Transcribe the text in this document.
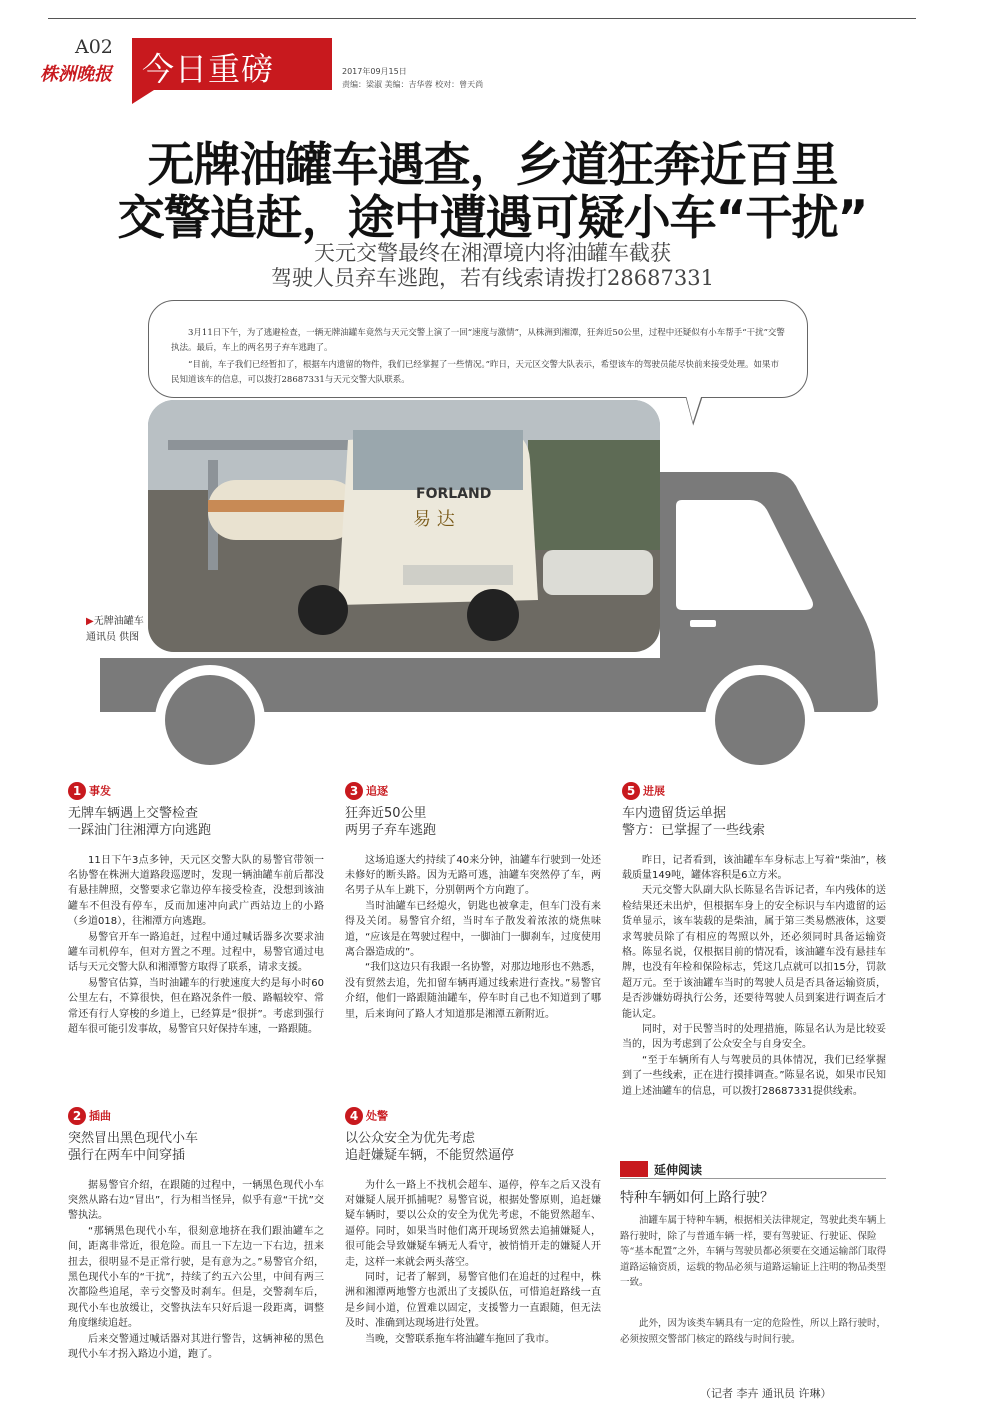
A02
株洲晚报 今日重磅	2017年09月15日
责编：梁淑 美编：吉华蓉 校对：曾天尚
无牌油罐车遇查，乡道狂奔近百里
交警追赶，途中遭遇可疑小车“干扰”
天元交警最终在湘潭境内将油罐车截获
驾驶人员弃车逃跑，若有线索请拨打28687331
FORLAND
易 达

3月11日下午，为了逃避检查，一辆无牌油罐车竟然与天元交警上演了一回“速度与激情”，从株洲到湘潭，狂奔近50公里，过程中还疑似有小车帮手“干扰”交警执法。最后，车上的两名男子弃车逃跑了。

“目前，车子我们已经暂扣了，根据车内遗留的物件，我们已经掌握了一些情况。”昨日，天元区交警大队表示，希望该车的驾驶员能尽快前来接受处理。如果市民知道该车的信息，可以拨打28687331与天元交警大队联系。

▶无牌油罐车
通讯员 供图
1 事发
无牌车辆遇上交警检查
一踩油门往湘潭方向逃跑

11日下午3点多钟，天元区交警大队的易警官带领一名协警在株洲大道路段巡逻时，发现一辆油罐车前后都没有悬挂牌照，交警要求它靠边停车接受检查，没想到该油罐车不但没有停车，反而加速冲向武广西站边上的小路（乡道018），往湘潭方向逃跑。

易警官开车一路追赶，过程中通过喊话器多次要求油罐车司机停车，但对方置之不理。过程中，易警官通过电话与天元交警大队和湘潭警方取得了联系，请求支援。

易警官估算，当时油罐车的行驶速度大约是每小时60公里左右，不算很快，但在路况条件一般、路幅较窄、常常还有行人穿梭的乡道上，已经算是“很拼”。考虑到强行超车很可能引发事故，易警官只好保持车速，一路跟随。

2 插曲
突然冒出黑色现代小车
强行在两车中间穿插

据易警官介绍，在跟随的过程中，一辆黑色现代小车突然从路右边“冒出”，行为相当怪异，似乎有意“干扰”交警执法。

“那辆黑色现代小车，很刻意地挤在我们跟油罐车之间，距离非常近，很危险。而且一下左边一下右边，扭来扭去，很明显不是正常行驶，是有意为之。”易警官介绍，黑色现代小车的“干扰”，持续了约五六公里，中间有两三次都险些追尾，幸亏交警及时刹车。但是，交警刹车后，现代小车也放缓让，交警执法车只好后退一段距离，调整角度继续追赶。

后来交警通过喊话器对其进行警告，这辆神秘的黑色现代小车才拐入路边小道，跑了。

3 追逐
狂奔近50公里
两男子弃车逃跑

这场追逐大约持续了40来分钟，油罐车行驶到一处还未修好的断头路。因为无路可逃，油罐车突然停了车，两名男子从车上跳下，分别朝两个方向跑了。

当时油罐车已经熄火，钥匙也被拿走，但车门没有来得及关闭。易警官介绍，当时车子散发着浓浓的烧焦味道，“应该是在驾驶过程中，一脚油门一脚刹车，过度使用离合器造成的”。

“我们这边只有我跟一名协警，对那边地形也不熟悉，没有贸然去追，先扣留车辆再通过线索进行查找。”易警官介绍，他们一路跟随油罐车，停车时自己也不知道到了哪里，后来询问了路人才知道那是湘潭五新附近。

4 处警
以公众安全为优先考虑
追赶嫌疑车辆，不能贸然逼停

为什么一路上不找机会超车、逼停，停车之后又没有对嫌疑人展开抓捕呢？易警官说，根据处警原则，追赶嫌疑车辆时，要以公众的安全为优先考虑，不能贸然超车、逼停。同时，如果当时他们离开现场贸然去追捕嫌疑人，很可能会导致嫌疑车辆无人看守，被悄悄开走的嫌疑人开走，这样一来就会两头落空。

同时，记者了解到，易警官他们在追赶的过程中，株洲和湘潭两地警方也派出了支援队伍，可惜追赶路线一直是乡间小道，位置难以固定，支援警力一直跟随，但无法及时、准确到达现场进行处置。

当晚，交警联系拖车将油罐车拖回了我市。

5 进展
车内遗留货运单据
警方：已掌握了一些线索

昨日，记者看到，该油罐车车身标志上写着“柴油”，核载质量149吨，罐体容积是6立方米。

天元交警大队副大队长陈显名告诉记者，车内残体的送检结果还未出炉，但根据车身上的安全标识与车内遗留的运货单显示，该车装载的是柴油，属于第三类易燃液体，这要求驾驶员除了有相应的驾照以外，还必须同时具备运输资格。陈显名说，仅根据目前的情况看，该油罐车没有悬挂车牌，也没有年检和保险标志，凭这几点就可以扣15分，罚款超万元。至于该油罐车当时的驾驶人员是否具备运输资质，是否涉嫌妨碍执行公务，还要待驾驶人员到案进行调查后才能认定。

同时，对于民警当时的处理措施，陈显名认为是比较妥当的，因为考虑到了公众安全与自身安全。

“至于车辆所有人与驾驶员的具体情况，我们已经掌握到了一些线索，正在进行摸排调查。”陈显名说，如果市民知道上述油罐车的信息，可以拨打28687331提供线索。

延伸阅读
特种车辆如何上路行驶？

油罐车属于特种车辆，根据相关法律规定，驾驶此类车辆上路行驶时，除了与普通车辆一样，要有驾驶证、行驶证、保险等“基本配置”之外，车辆与驾驶员都必须要在交通运输部门取得道路运输资质，运载的物品必须与道路运输证上注明的物品类型一致。

此外，因为该类车辆具有一定的危险性，所以上路行驶时，必须按照交警部门核定的路线与时间行驶。

（记者 李卉 通讯员 许琳）
